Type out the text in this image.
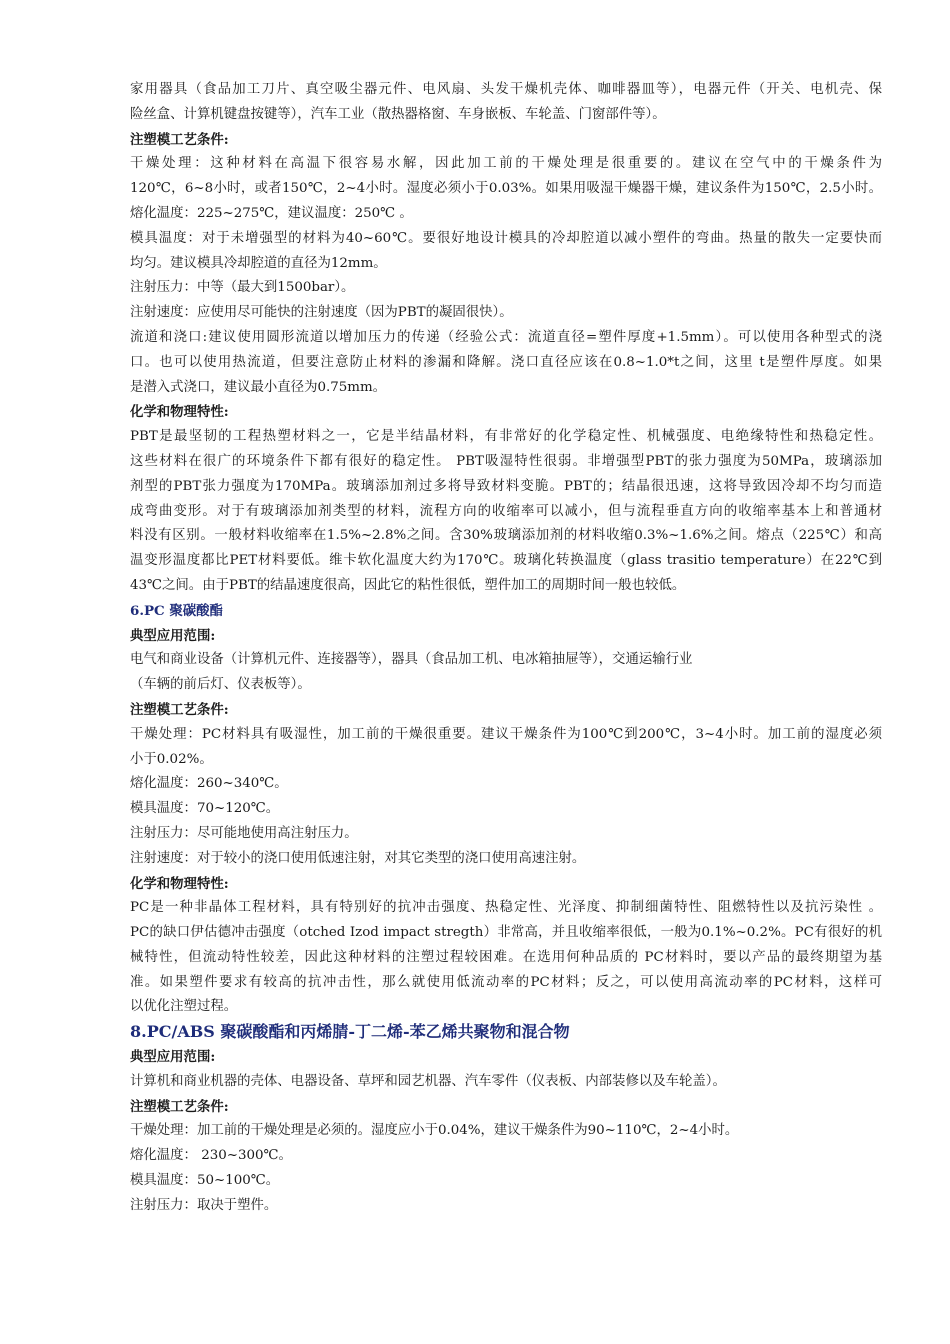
家用器具（食品加工刀片、真空吸尘器元件、电风扇、头发干燥机壳体、咖啡器皿等），电器元件（开关、电机壳、保
险丝盒、计算机键盘按键等），汽车工业（散热器格窗、车身嵌板、车轮盖、门窗部件等）。
注塑模工艺条件:
干燥处理：这种材料在高温下很容易水解，因此加工前的干燥处理是很重要的。建议在空气中的干燥条件为
120℃，6~8小时，或者150℃，2~4小时。湿度必须小于0.03%。如果用吸湿干燥器干燥，建议条件为150℃，2.5小时。
熔化温度：225~275℃，建议温度：250℃ 。
模具温度：对于未增强型的材料为40~60℃。要很好地设计模具的冷却腔道以减小塑件的弯曲。热量的散失一定要快而
均匀。建议模具冷却腔道的直径为12mm。
注射压力：中等（最大到1500bar）。
注射速度：应使用尽可能快的注射速度（因为PBT的凝固很快）。
流道和浇口:建议使用圆形流道以增加压力的传递（经验公式：流道直径=塑件厚度+1.5mm）。可以使用各种型式的浇
口。也可以使用热流道，但要注意防止材料的渗漏和降解。浇口直径应该在0.8~1.0*t之间，这里 t是塑件厚度。如果
是潜入式浇口，建议最小直径为0.75mm。
化学和物理特性:
PBT是最坚韧的工程热塑材料之一，它是半结晶材料，有非常好的化学稳定性、机械强度、电绝缘特性和热稳定性。
这些材料在很广的环境条件下都有很好的稳定性。 PBT吸湿特性很弱。非增强型PBT的张力强度为50MPa，玻璃添加
剂型的PBT张力强度为170MPa。玻璃添加剂过多将导致材料变脆。PBT的；结晶很迅速，这将导致因冷却不均匀而造
成弯曲变形。对于有玻璃添加剂类型的材料，流程方向的收缩率可以减小，但与流程垂直方向的收缩率基本上和普通材
料没有区别。一般材料收缩率在1.5%~2.8%之间。含30%玻璃添加剂的材料收缩0.3%~1.6%之间。熔点（225℃）和高
温变形温度都比PET材料要低。维卡软化温度大约为170℃。玻璃化转换温度（glass trasitio temperature）在22℃到
43℃之间。由于PBT的结晶速度很高，因此它的粘性很低，塑件加工的周期时间一般也较低。
6.PC 聚碳酸酯
典型应用范围:
电气和商业设备（计算机元件、连接器等），器具（食品加工机、电冰箱抽屉等），交通运输行业
（车辆的前后灯、仪表板等）。
注塑模工艺条件:
干燥处理：PC材料具有吸湿性，加工前的干燥很重要。建议干燥条件为100℃到200℃，3~4小时。加工前的湿度必须
小于0.02%。
熔化温度：260~340℃。
模具温度：70~120℃。
注射压力：尽可能地使用高注射压力。
注射速度：对于较小的浇口使用低速注射，对其它类型的浇口使用高速注射。
化学和物理特性:
PC是一种非晶体工程材料，具有特别好的抗冲击强度、热稳定性、光泽度、抑制细菌特性、阻燃特性以及抗污染性 。
PC的缺口伊估德冲击强度（otched Izod impact stregth）非常高，并且收缩率很低，一般为0.1%~0.2%。PC有很好的机
械特性，但流动特性较差，因此这种材料的注塑过程较困难。在选用何种品质的 PC材料时，要以产品的最终期望为基
准。如果塑件要求有较高的抗冲击性，那么就使用低流动率的PC材料；反之，可以使用高流动率的PC材料，这样可
以优化注塑过程。
8.PC/ABS 聚碳酸酯和丙烯腈-丁二烯-苯乙烯共聚物和混合物
典型应用范围:
计算机和商业机器的壳体、电器设备、草坪和园艺机器、汽车零件（仪表板、内部装修以及车轮盖）。
注塑模工艺条件:
干燥处理：加工前的干燥处理是必须的。湿度应小于0.04%，建议干燥条件为90~110℃，2~4小时。
熔化温度： 230~300℃。
模具温度：50~100℃。
注射压力：取决于塑件。
